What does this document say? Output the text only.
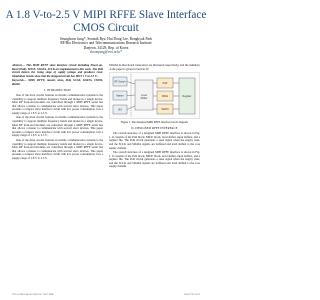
A 1.8 V-to-2.5 V MIPI RFFE Slave Interface CMOS Circuit
Seunghoon Jung*, Seunsik Ryu, Hui Dong Lee, Bongkyuk Park
RF/Bio Electronics and Telecommunications Research Institute
Daejeon, 34129, Rep. of Korea
shoonjung@etri.re.kr*

Abstract— This MIPI RFFE slave interface circuit including Power-on-Reset (PoR), MICE, SDATA, SCLK are implemented in this work. The PoR circuit detects the rising slope of supply voltage and produces reset. Simulation results show that the designed circuit has MOT 1 V to 2.5 V...

Keywords— MIPI, RFFE, master, slave, PoR, SCLK, SDATA, CMOS, divider

I. INTRODUCTION

One of the most crucial features in mobile communication systems is the capability to support multiple frequency bands and modes in a single device. Most RF front-end modules are controlled through a MIPI RFFE serial bus that allows a master to communicate with several slave devices. This paper presents a compact slave interface circuit with low power consumption over a supply range of 1.8 V to 2.5 V.

One of the most crucial features in mobile communication systems is the capability to support multiple frequency bands and modes in a single device. Most RF front-end modules are controlled through a MIPI RFFE serial bus that allows a master to communicate with several slave devices. This paper presents a compact slave interface circuit with low power consumption over a supply range of 1.8 V to 2.5 V.

One of the most crucial features in mobile communication systems is the capability to support multiple frequency bands and modes in a single device. Most RF front-end modules are controlled through a MIPI RFFE serial bus that allows a master to communicate with several slave devices. This paper presents a compact slave interface circuit with low power consumption over a supply range of 1.8 V to 2.5 V.

SDATA bi-directional transceiver are discussed respectively, and the summary of the paper is given in Section IV.

RF Switch
Master
VIO
Level
Shifter
PoR
MICE
SDATA
Register
Figure 1. The designed MIPI RFFE interface block diagram.
II. DESIGNED RFFE INTERFACE

The overall structure of a designed MIPI RFFE interface is shown in Fig. 1. It consists of the PoR block, MICE block, level shifter, input buffers, and a register file. The PoR circuit generates a reset signal when the supply rises, and the SCLK and SDATA signals are buffered and level shifted to the core supply domain.

The overall structure of a designed MIPI RFFE interface is shown in Fig. 1. It consists of the PoR block, MICE block, level shifter, input buffers, and a register file. The PoR circuit generates a reset signal when the supply rises, and the SCLK and SDATA signals are buffered and level shifted to the core supply domain.

978-1-5386-1306-4/17/$31.00 ©2017 IEEE	1166 ICTC 2017
